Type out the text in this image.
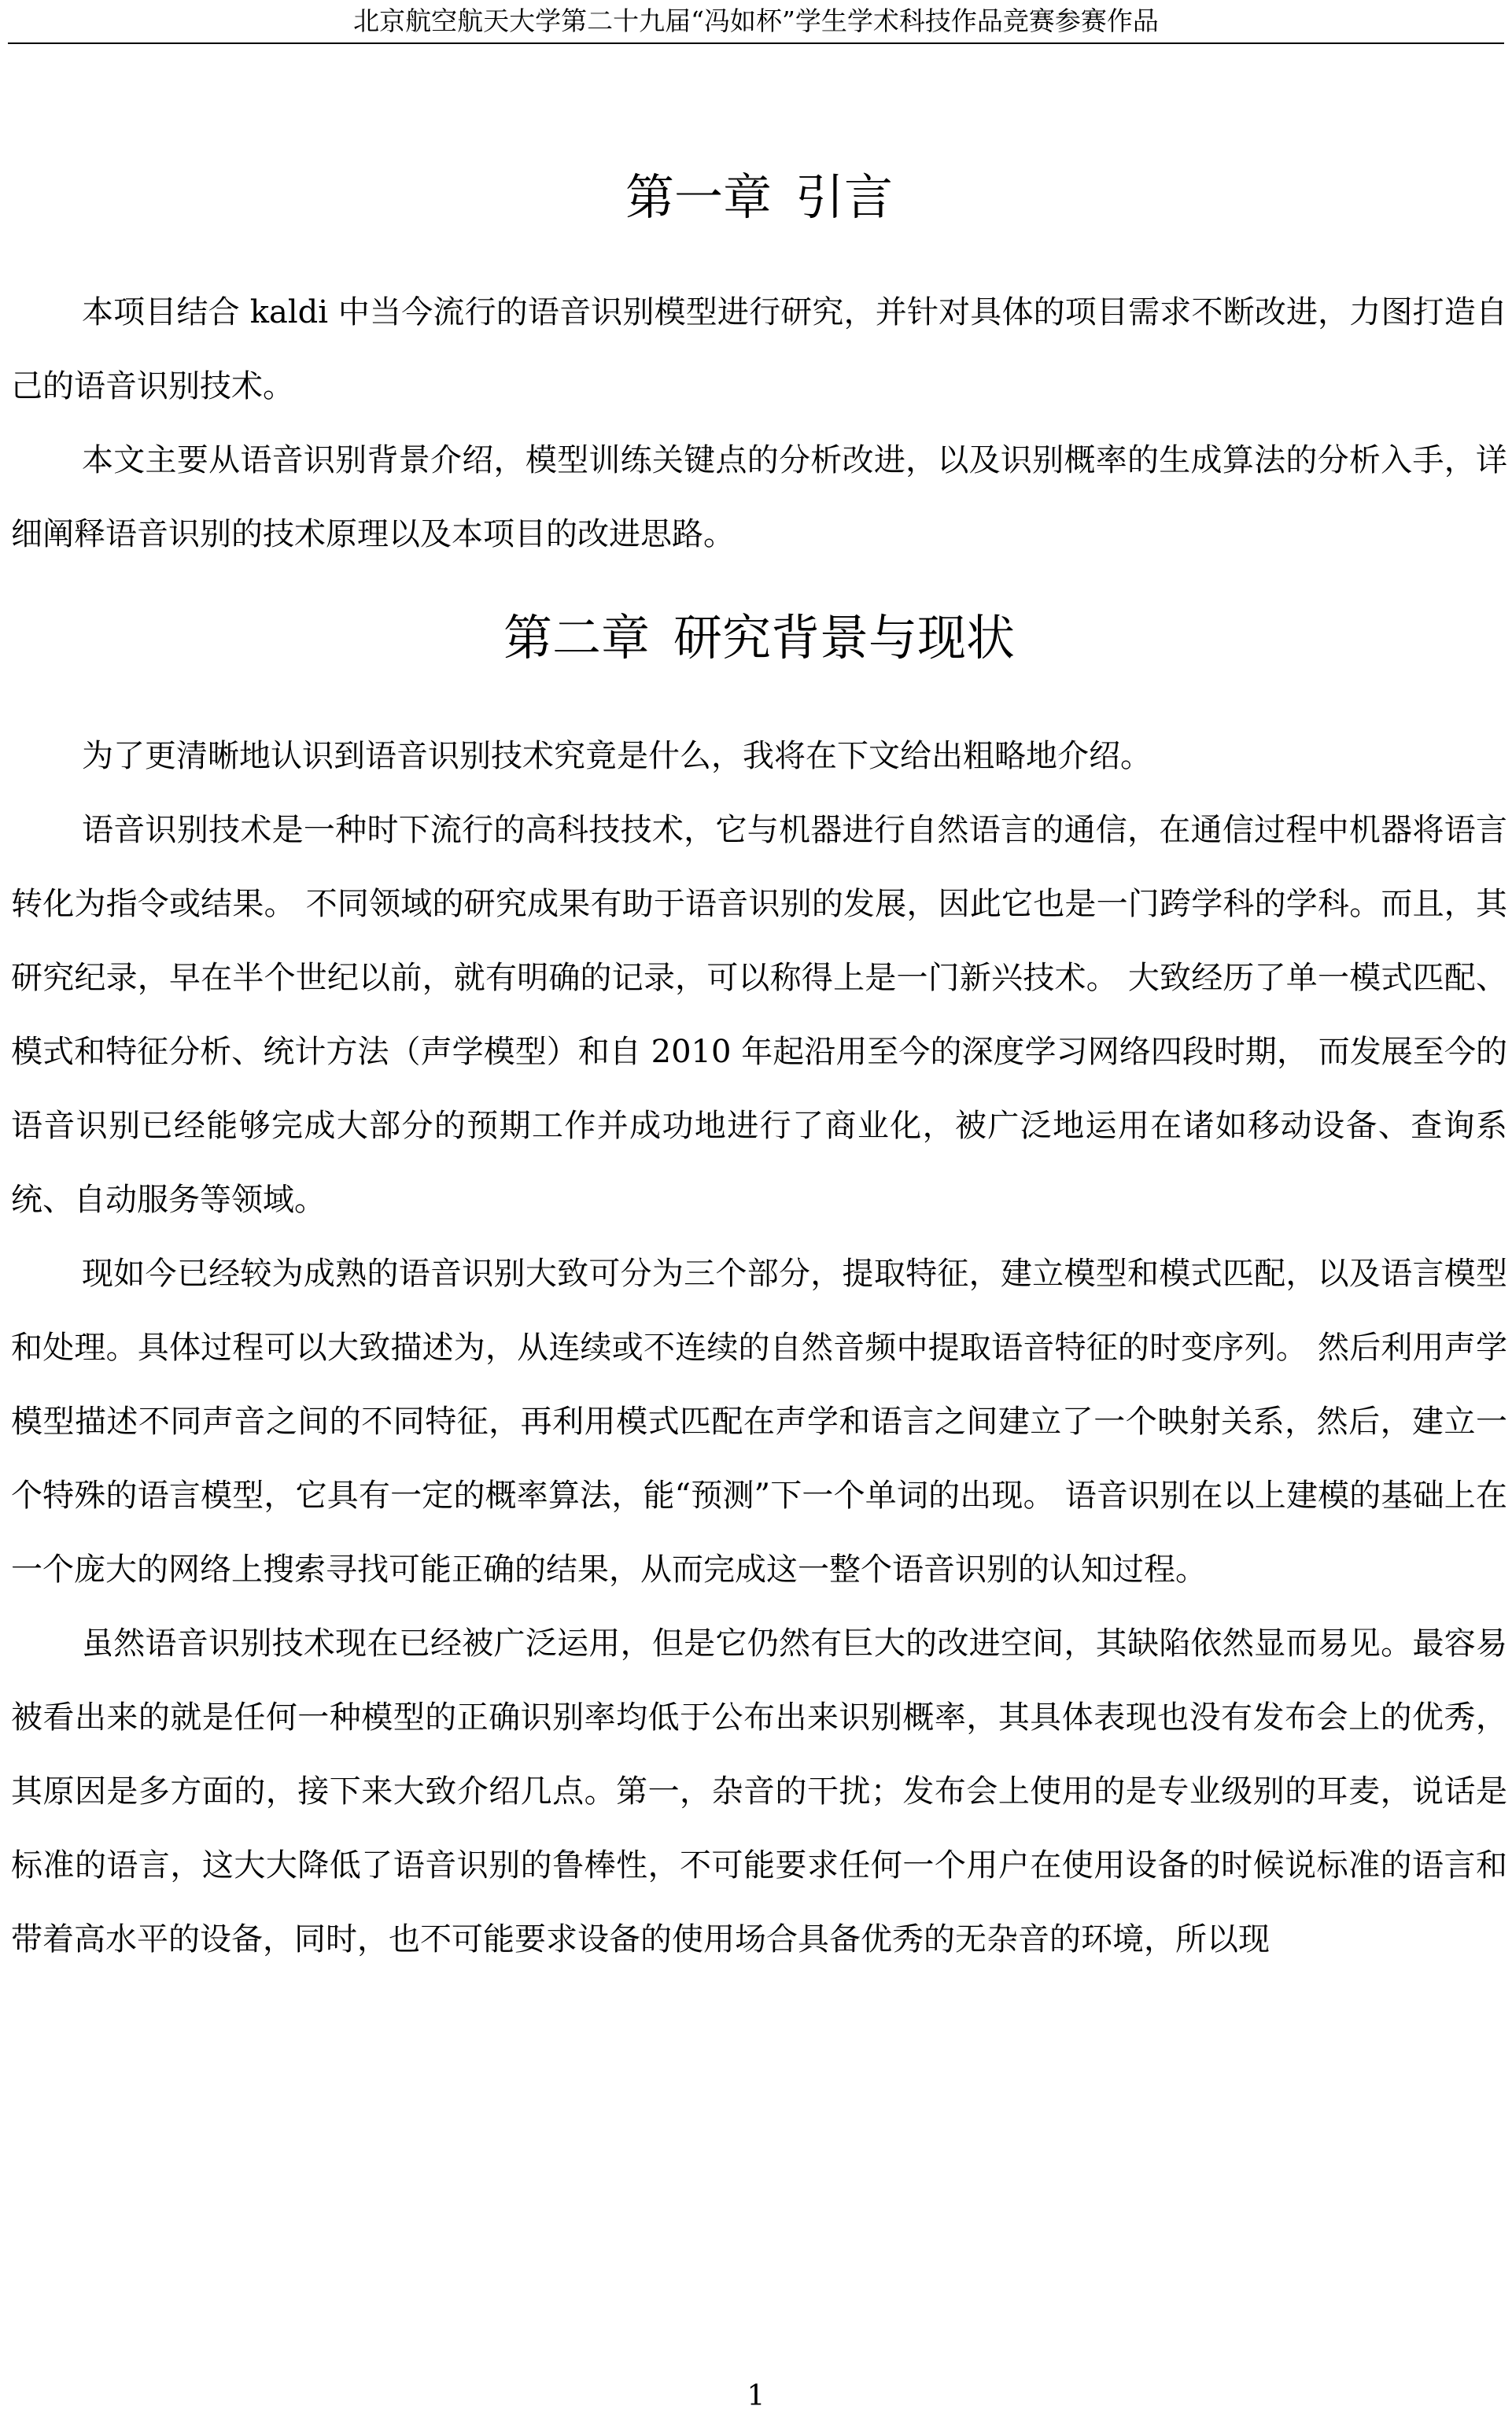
北京航空航天大学第二十九届“冯如杯”学生学术科技作品竞赛参赛作品
第一章 引言

本项目结合 kaldi 中当今流行的语音识别模型进行研究，并针对具体的项目需求不断改进，力图打造自己的语音识别技术。

本文主要从语音识别背景介绍，模型训练关键点的分析改进，以及识别概率的生成算法的分析入手，详细阐释语音识别的技术原理以及本项目的改进思路。

第二章 研究背景与现状

为了更清晰地认识到语音识别技术究竟是什么，我将在下文给出粗略地介绍。

语音识别技术是一种时下流行的高科技技术，它与机器进行自然语言的通信，在通信过程中机器将语言转化为指令或结果。 不同领域的研究成果有助于语音识别的发展，因此它也是一门跨学科的学科。而且，其研究纪录，早在半个世纪以前，就有明确的记录，可以称得上是一门新兴技术。 大致经历了单一模式匹配、模式和特征分析、统计方法（声学模型）和自 2010 年起沿用至今的深度学习网络四段时期， 而发展至今的语音识别已经能够完成大部分的预期工作并成功地进行了商业化，被广泛地运用在诸如移动设备、查询系统、自动服务等领域。

现如今已经较为成熟的语音识别大致可分为三个部分，提取特征，建立模型和模式匹配，以及语言模型和处理。具体过程可以大致描述为，从连续或不连续的自然音频中提取语音特征的时变序列。 然后利用声学模型描述不同声音之间的不同特征，再利用模式匹配在声学和语言之间建立了一个映射关系，然后，建立一个特殊的语言模型，它具有一定的概率算法，能“预测”下一个单词的出现。 语音识别在以上建模的基础上在一个庞大的网络上搜索寻找可能正确的结果，从而完成这一整个语音识别的认知过程。

虽然语音识别技术现在已经被广泛运用，但是它仍然有巨大的改进空间，其缺陷依然显而易见。最容易被看出来的就是任何一种模型的正确识别率均低于公布出来识别概率，其具体表现也没有发布会上的优秀，其原因是多方面的，接下来大致介绍几点。第一，杂音的干扰；发布会上使用的是专业级别的耳麦，说话是标准的语言，这大大降低了语音识别的鲁棒性，不可能要求任何一个用户在使用设备的时候说标准的语言和带着高水平的设备，同时，也不可能要求设备的使用场合具备优秀的无杂音的环境，所以现

1
